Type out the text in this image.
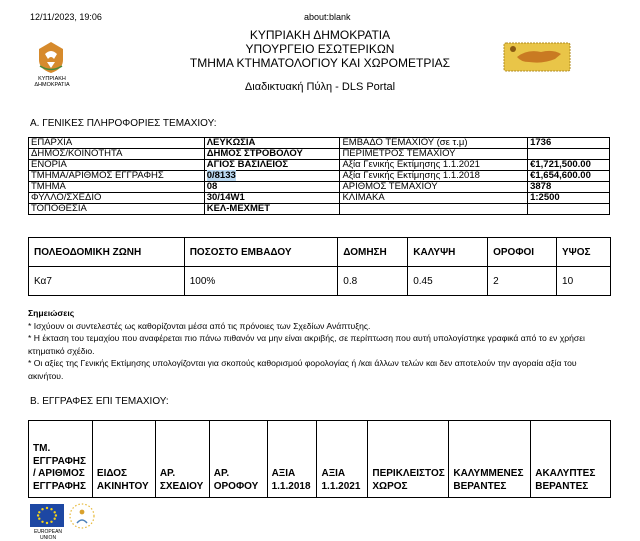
12/11/2023, 19:06	about:blank
ΚΥΠΡΙΑΚΗ ΔΗΜΟΚΡΑΤΙΑ
ΚΥΠΡΙΑΚΗ ΔΗΜΟΚΡΑΤΙΑ
ΥΠΟΥΡΓΕΙΟ ΕΣΩΤΕΡΙΚΩΝ
ΤΜΗΜΑ ΚΤΗΜΑΤΟΛΟΓΙΟΥ ΚΑΙ ΧΩΡΟΜΕΤΡΙΑΣ
Διαδικτυακή Πύλη - DLS Portal
Α. ΓΕΝΙΚΕΣ ΠΛΗΡΟΦΟΡΙΕΣ ΤΕΜΑΧΙΟΥ:
ΕΠΑΡΧΙΑ	ΛΕΥΚΩΣΙΑ	ΕΜΒΑΔΟ ΤΕΜΑΧΙΟΥ (σε τ.μ)	1736
ΔΗΜΟΣ/ΚΟΙΝΟΤΗΤΑ	ΔΗΜΟΣ ΣΤΡΟΒΟΛΟΥ	ΠΕΡΙΜΕΤΡΟΣ ΤΕΜΑΧΙΟΥ	
ΕΝΟΡΙΑ	ΑΓΙΟΣ ΒΑΣΙΛΕΙΟΣ	Αξία Γενικής Εκτίμησης 1.1.2021	€1,721,500.00
ΤΜΗΜΑ/ΑΡΙΘΜΟΣ ΕΓΓΡΑΦΗΣ	0/8133	Αξία Γενικής Εκτίμησης 1.1.2018	€1,654,600.00
ΤΜΗΜΑ	08	ΑΡΙΘΜΟΣ ΤΕΜΑΧΙΟΥ	3878
ΦΥΛΛΟ/ΣΧΕΔΙΟ	30/14W1	ΚΛΙΜΑΚΑ	1:2500
ΤΟΠΟΘΕΣΙΑ	ΚΕΛ-ΜΕΧΜΕΤ		
ΠΟΛΕΟΔΟΜΙΚΗ ΖΩΝΗ	ΠΟΣΟΣΤΟ ΕΜΒΑΔΟΥ	ΔΟΜΗΣΗ	ΚΑΛΥΨΗ	ΟΡΟΦΟΙ	ΥΨΟΣ
Κα7	100%	0.8	0.45	2	10
Σημειώσεις
* Ισχύουν οι συντελεστές ως καθορίζονται μέσα από τις πρόνοιες των Σχεδίων Ανάπτυξης.
* Η έκταση του τεμαχίου που αναφέρεται πιο πάνω πιθανόν να μην είναι ακριβής, σε περίπτωση που αυτή υπολογίστηκε γραφικά από το εν χρήσει
κτηματικό σχέδιο.
* Οι αξίες της Γενικής Εκτίμησης υπολογίζονται για σκοπούς καθορισμού φορολογίας ή /και άλλων τελών και δεν αποτελούν την αγοραία αξία του
ακινήτου.
Β. ΕΓΓΡΑΦΕΣ ΕΠΙ ΤΕΜΑΧΙΟΥ:
ΤΜ.
ΕΓΓΡΑΦΗΣ
/ ΑΡΙΘΜΟΣ
ΕΓΓΡΑΦΗΣ

ΕΙΔΟΣ
ΑΚΙΝΗΤΟΥ

ΑΡ.
ΣΧΕΔΙΟΥ

ΑΡ.
ΟΡΟΦΟΥ

ΑΞΙΑ
1.1.2018

ΑΞΙΑ
1.1.2021

ΠΕΡΙΚΛΕΙΣΤΟΣ
ΧΩΡΟΣ

ΚΑΛΥΜΜΕΝΕΣ
ΒΕΡΑΝΤΕΣ

ΑΚΑΛΥΠΤΕΣ
ΒΕΡΑΝΤΕΣ
EUROPEAN UNION
